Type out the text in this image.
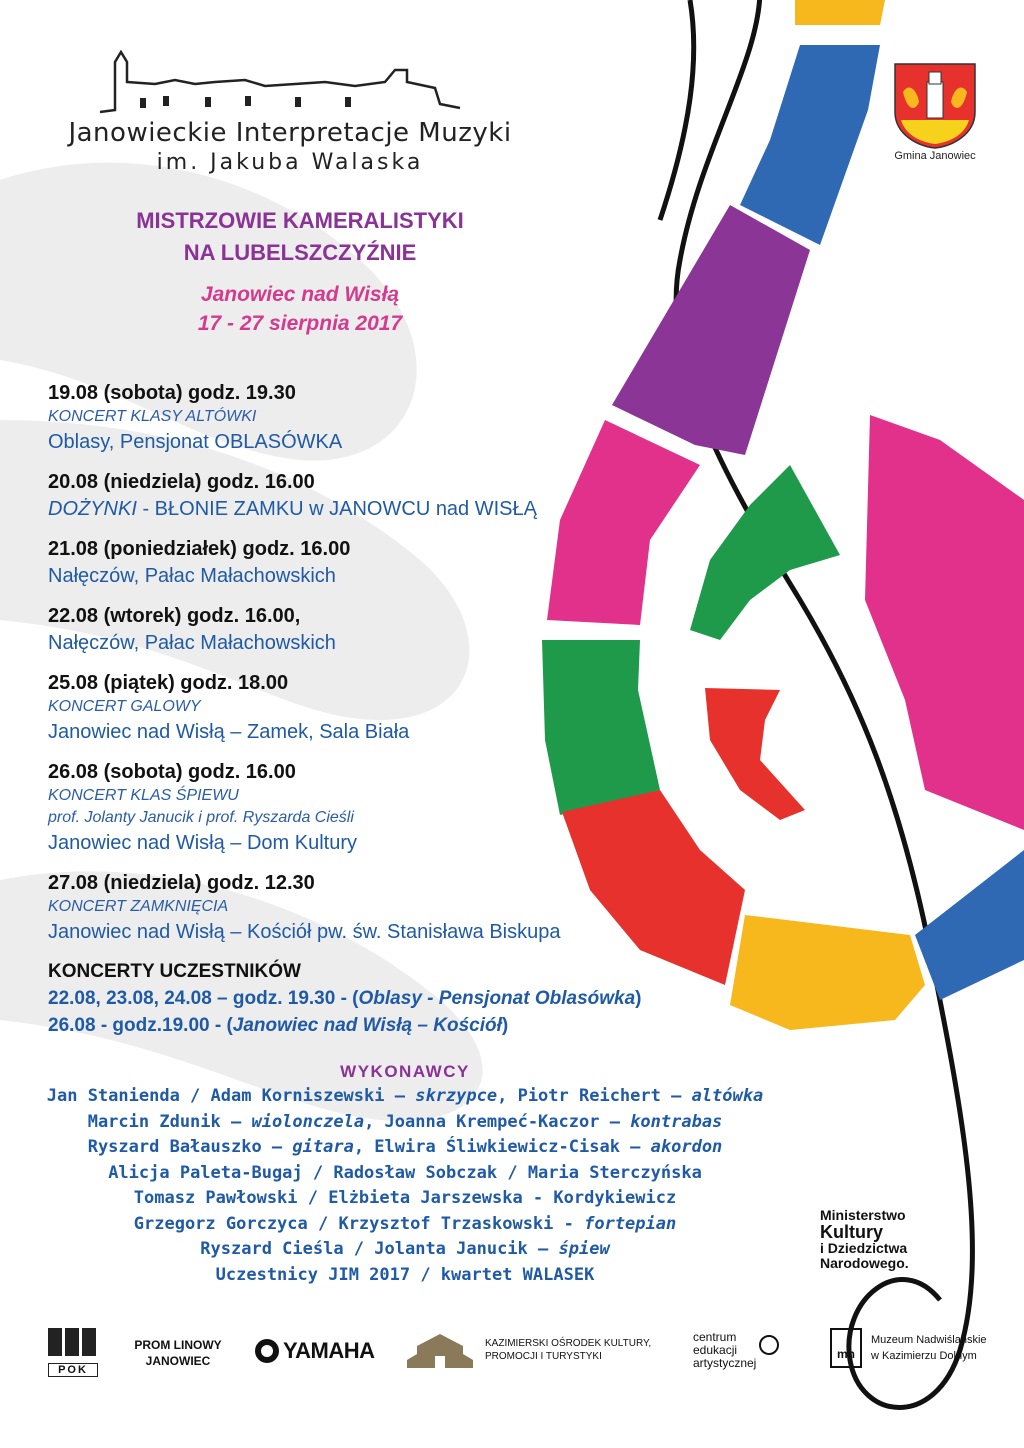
Janowieckie Interpretacje Muzyki
im. Jakuba Walaska
MISTRZOWIE KAMERALISTYKI
NA LUBELSZCZYŹNIE
Janowiec nad Wisłą
17 - 27 sierpnia 2017
Gmina Janowiec
19.08 (sobota) godz. 19.30
KONCERT KLASY ALTÓWKI
Oblasy, Pensjonat OBLASÓWKA
20.08 (niedziela) godz. 16.00
DOŻYNKI - BŁONIE ZAMKU w JANOWCU nad WISŁĄ
21.08 (poniedziałek) godz. 16.00
Nałęczów, Pałac Małachowskich
22.08 (wtorek) godz. 16.00,
Nałęczów, Pałac Małachowskich
25.08 (piątek) godz. 18.00
KONCERT GALOWY
Janowiec nad Wisłą – Zamek, Sala Biała
26.08 (sobota) godz. 16.00
KONCERT KLAS ŚPIEWU
prof. Jolanty Janucik i prof. Ryszarda Cieśli
Janowiec nad Wisłą – Dom Kultury
27.08 (niedziela) godz. 12.30
KONCERT ZAMKNIĘCIA
Janowiec nad Wisłą – Kościół pw. św. Stanisława Biskupa
KONCERTY UCZESTNIKÓW
22.08, 23.08, 24.08 – godz. 19.30 - (Oblasy - Pensjonat Oblasówka)
26.08 - godz.19.00 - (Janowiec nad Wisłą – Kościół)
WYKONAWCY
Jan Stanienda / Adam Korniszewski – skrzypce, Piotr Reichert – altówka
Marcin Zdunik – wiolonczela, Joanna Krempeć-Kaczor – kontrabas
Ryszard Bałauszko – gitara, Elwira Śliwkiewicz-Cisak – akordon
Alicja Paleta-Bugaj / Radosław Sobczak / Maria Sterczyńska
Tomasz Pawłowski / Elżbieta Jarszewska - Kordykiewicz
Grzegorz Gorczyca / Krzysztof Trzaskowski - fortepian
Ryszard Cieśla / Jolanta Janucik – śpiew
Uczestnicy JIM 2017 / kwartet WALASEK
Ministerstwo
Kultury
i Dziedzictwa
Narodowego.
POK
PROM LINOWY
JANOWIEC	YAMAHA	KAZIMIERSKI OŚRODEK KULTURY,
PROMOCJI I TURYSTYKI
centrum
edukacji
artystycznej
mn
Muzeum Nadwiślańskie
w Kazimierzu Dolnym
